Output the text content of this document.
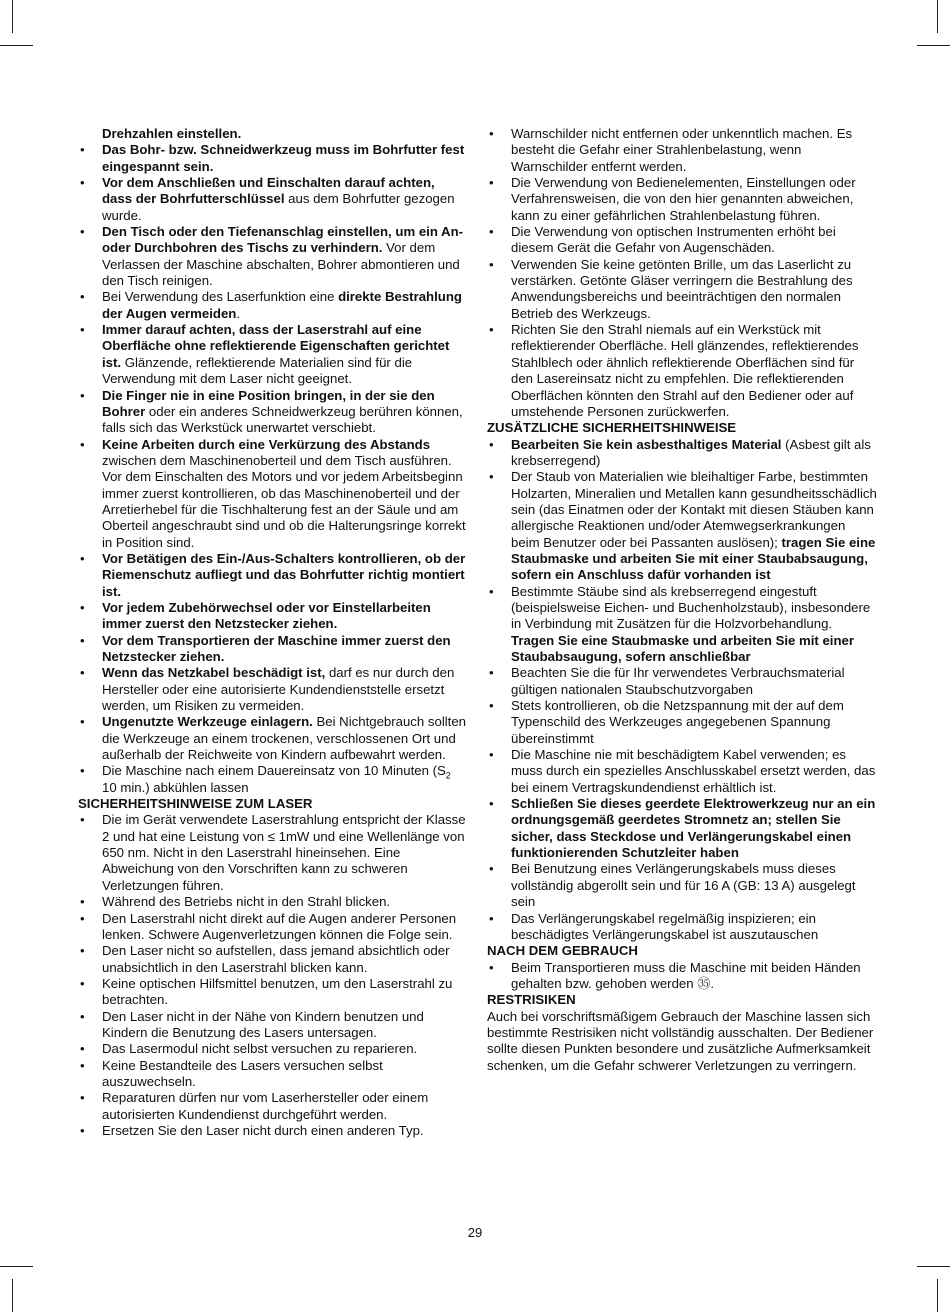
Drehzahlen einstellen.
• Das Bohr- bzw. Schneidwerkzeug muss im Bohrfutter fest eingespannt sein.
• Vor dem Anschließen und Einschalten darauf achten, dass der Bohrfutterschlüssel aus dem Bohrfutter gezogen wurde.
• Den Tisch oder den Tiefenanschlag einstellen, um ein An- oder Durchbohren des Tischs zu verhindern. Vor dem Verlassen der Maschine abschalten, Bohrer abmontieren und den Tisch reinigen.
• Bei Verwendung des Laserfunktion eine direkte Bestrahlung der Augen vermeiden.
• Immer darauf achten, dass der Laserstrahl auf eine Oberfläche ohne reflektierende Eigenschaften gerichtet ist. Glänzende, reflektierende Materialien sind für die Verwendung mit dem Laser nicht geeignet.
• Die Finger nie in eine Position bringen, in der sie den Bohrer oder ein anderes Schneidwerkzeug berühren können, falls sich das Werkstück unerwartet verschiebt.
• Keine Arbeiten durch eine Verkürzung des Abstands zwischen dem Maschinenoberteil und dem Tisch ausführen. Vor dem Einschalten des Motors und vor jedem Arbeitsbeginn immer zuerst kontrollieren, ob das Maschinenoberteil und der Arretierhebel für die Tischhalterung fest an der Säule und am Oberteil angeschraubt sind und ob die Halterungsringe korrekt in Position sind.
• Vor Betätigen des Ein-/Aus-Schalters kontrollieren, ob der Riemenschutz aufliegt und das Bohrfutter richtig montiert ist.
• Vor jedem Zubehörwechsel oder vor Einstellarbeiten immer zuerst den Netzstecker ziehen.
• Vor dem Transportieren der Maschine immer zuerst den Netzstecker ziehen.
• Wenn das Netzkabel beschädigt ist, darf es nur durch den Hersteller oder eine autorisierte Kundendienststelle ersetzt werden, um Risiken zu vermeiden.
• Ungenutzte Werkzeuge einlagern. Bei Nichtgebrauch sollten die Werkzeuge an einem trockenen, verschlossenen Ort und außerhalb der Reichweite von Kindern aufbewahrt werden.
• Die Maschine nach einem Dauereinsatz von 10 Minuten ($S_2$ 10 min.) abkühlen lassen
SICHERHEITSHINWEISE ZUM LASER
• Die im Gerät verwendete Laserstrahlung entspricht der Klasse 2 und hat eine Leistung von ≤ 1mW und eine Wellenlänge von 650 nm. Nicht in den Laserstrahl hineinsehen. Eine Abweichung von den Vorschriften kann zu schweren Verletzungen führen.
• Während des Betriebs nicht in den Strahl blicken.
• Den Laserstrahl nicht direkt auf die Augen anderer Personen lenken. Schwere Augenverletzungen können die Folge sein.
• Den Laser nicht so aufstellen, dass jemand absichtlich oder unabsichtlich in den Laserstrahl blicken kann.
• Keine optischen Hilfsmittel benutzen, um den Laserstrahl zu betrachten.
• Den Laser nicht in der Nähe von Kindern benutzen und Kindern die Benutzung des Lasers untersagen.
• Das Lasermodul nicht selbst versuchen zu reparieren.
• Keine Bestandteile des Lasers versuchen selbst auszuwechseln.
• Reparaturen dürfen nur vom Laserhersteller oder einem autorisierten Kundendienst durchgeführt werden.
• Ersetzen Sie den Laser nicht durch einen anderen Typ.
• Warnschilder nicht entfernen oder unkenntlich machen. Es besteht die Gefahr einer Strahlenbelastung, wenn Warnschilder entfernt werden.
• Die Verwendung von Bedienelementen, Einstellungen oder Verfahrensweisen, die von den hier genannten abweichen, kann zu einer gefährlichen Strahlenbelastung führen.
• Die Verwendung von optischen Instrumenten erhöht bei diesem Gerät die Gefahr von Augenschäden.
• Verwenden Sie keine getönten Brille, um das Laserlicht zu verstärken. Getönte Gläser verringern die Bestrahlung des Anwendungsbereichs und beeinträchtigen den normalen Betrieb des Werkzeugs.
• Richten Sie den Strahl niemals auf ein Werkstück mit reflektierender Oberfläche. Hell glänzendes, reflektierendes Stahlblech oder ähnlich reflektierende Oberflächen sind für den Lasereinsatz nicht zu empfehlen. Die reflektierenden Oberflächen könnten den Strahl auf den Bediener oder auf umstehende Personen zurückwerfen.
ZUSÄTZLICHE SICHERHEITSHINWEISE
• Bearbeiten Sie kein asbesthaltiges Material (Asbest gilt als krebserregend)
• Der Staub von Materialien wie bleihaltiger Farbe, bestimmten Holzarten, Mineralien und Metallen kann gesundheitsschädlich sein (das Einatmen oder der Kontakt mit diesen Stäuben kann allergische Reaktionen und/oder Atemwegserkrankungen beim Benutzer oder bei Passanten auslösen); tragen Sie eine Staubmaske und arbeiten Sie mit einer Staubabsaugung, sofern ein Anschluss dafür vorhanden ist
• Bestimmte Stäube sind als krebserregend eingestuft (beispielsweise Eichen- und Buchenholzstaub), insbesondere in Verbindung mit Zusätzen für die Holzvorbehandlung. Tragen Sie eine Staubmaske und arbeiten Sie mit einer Staubabsaugung, sofern anschließbar
• Beachten Sie die für Ihr verwendetes Verbrauchsmaterial gültigen nationalen Staubschutzvorgaben
• Stets kontrollieren, ob die Netzspannung mit der auf dem Typenschild des Werkzeuges angegebenen Spannung übereinstimmt
• Die Maschine nie mit beschädigtem Kabel verwenden; es muss durch ein spezielles Anschlusskabel ersetzt werden, das bei einem Vertragskundendienst erhältlich ist.
• Schließen Sie dieses geerdete Elektrowerkzeug nur an ein ordnungsgemäß geerdetes Stromnetz an; stellen Sie sicher, dass Steckdose und Verlängerungskabel einen funktionierenden Schutzleiter haben
• Bei Benutzung eines Verlängerungskabels muss dieses vollständig abgerollt sein und für 16 A (GB: 13 A) ausgelegt sein
• Das Verlängerungskabel regelmäßig inspizieren; ein beschädigtes Verlängerungskabel ist auszutauschen
NACH DEM GEBRAUCH
• Beim Transportieren muss die Maschine mit beiden Händen gehalten bzw. gehoben werden ㉟.
RESTRISIKEN

Auch bei vorschriftsmäßigem Gebrauch der Maschine lassen sich bestimmte Restrisiken nicht vollständig ausschalten. Der Bediener sollte diesen Punkten besondere und zusätzliche Aufmerksamkeit schenken, um die Gefahr schwerer Verletzungen zu verringern.

29
